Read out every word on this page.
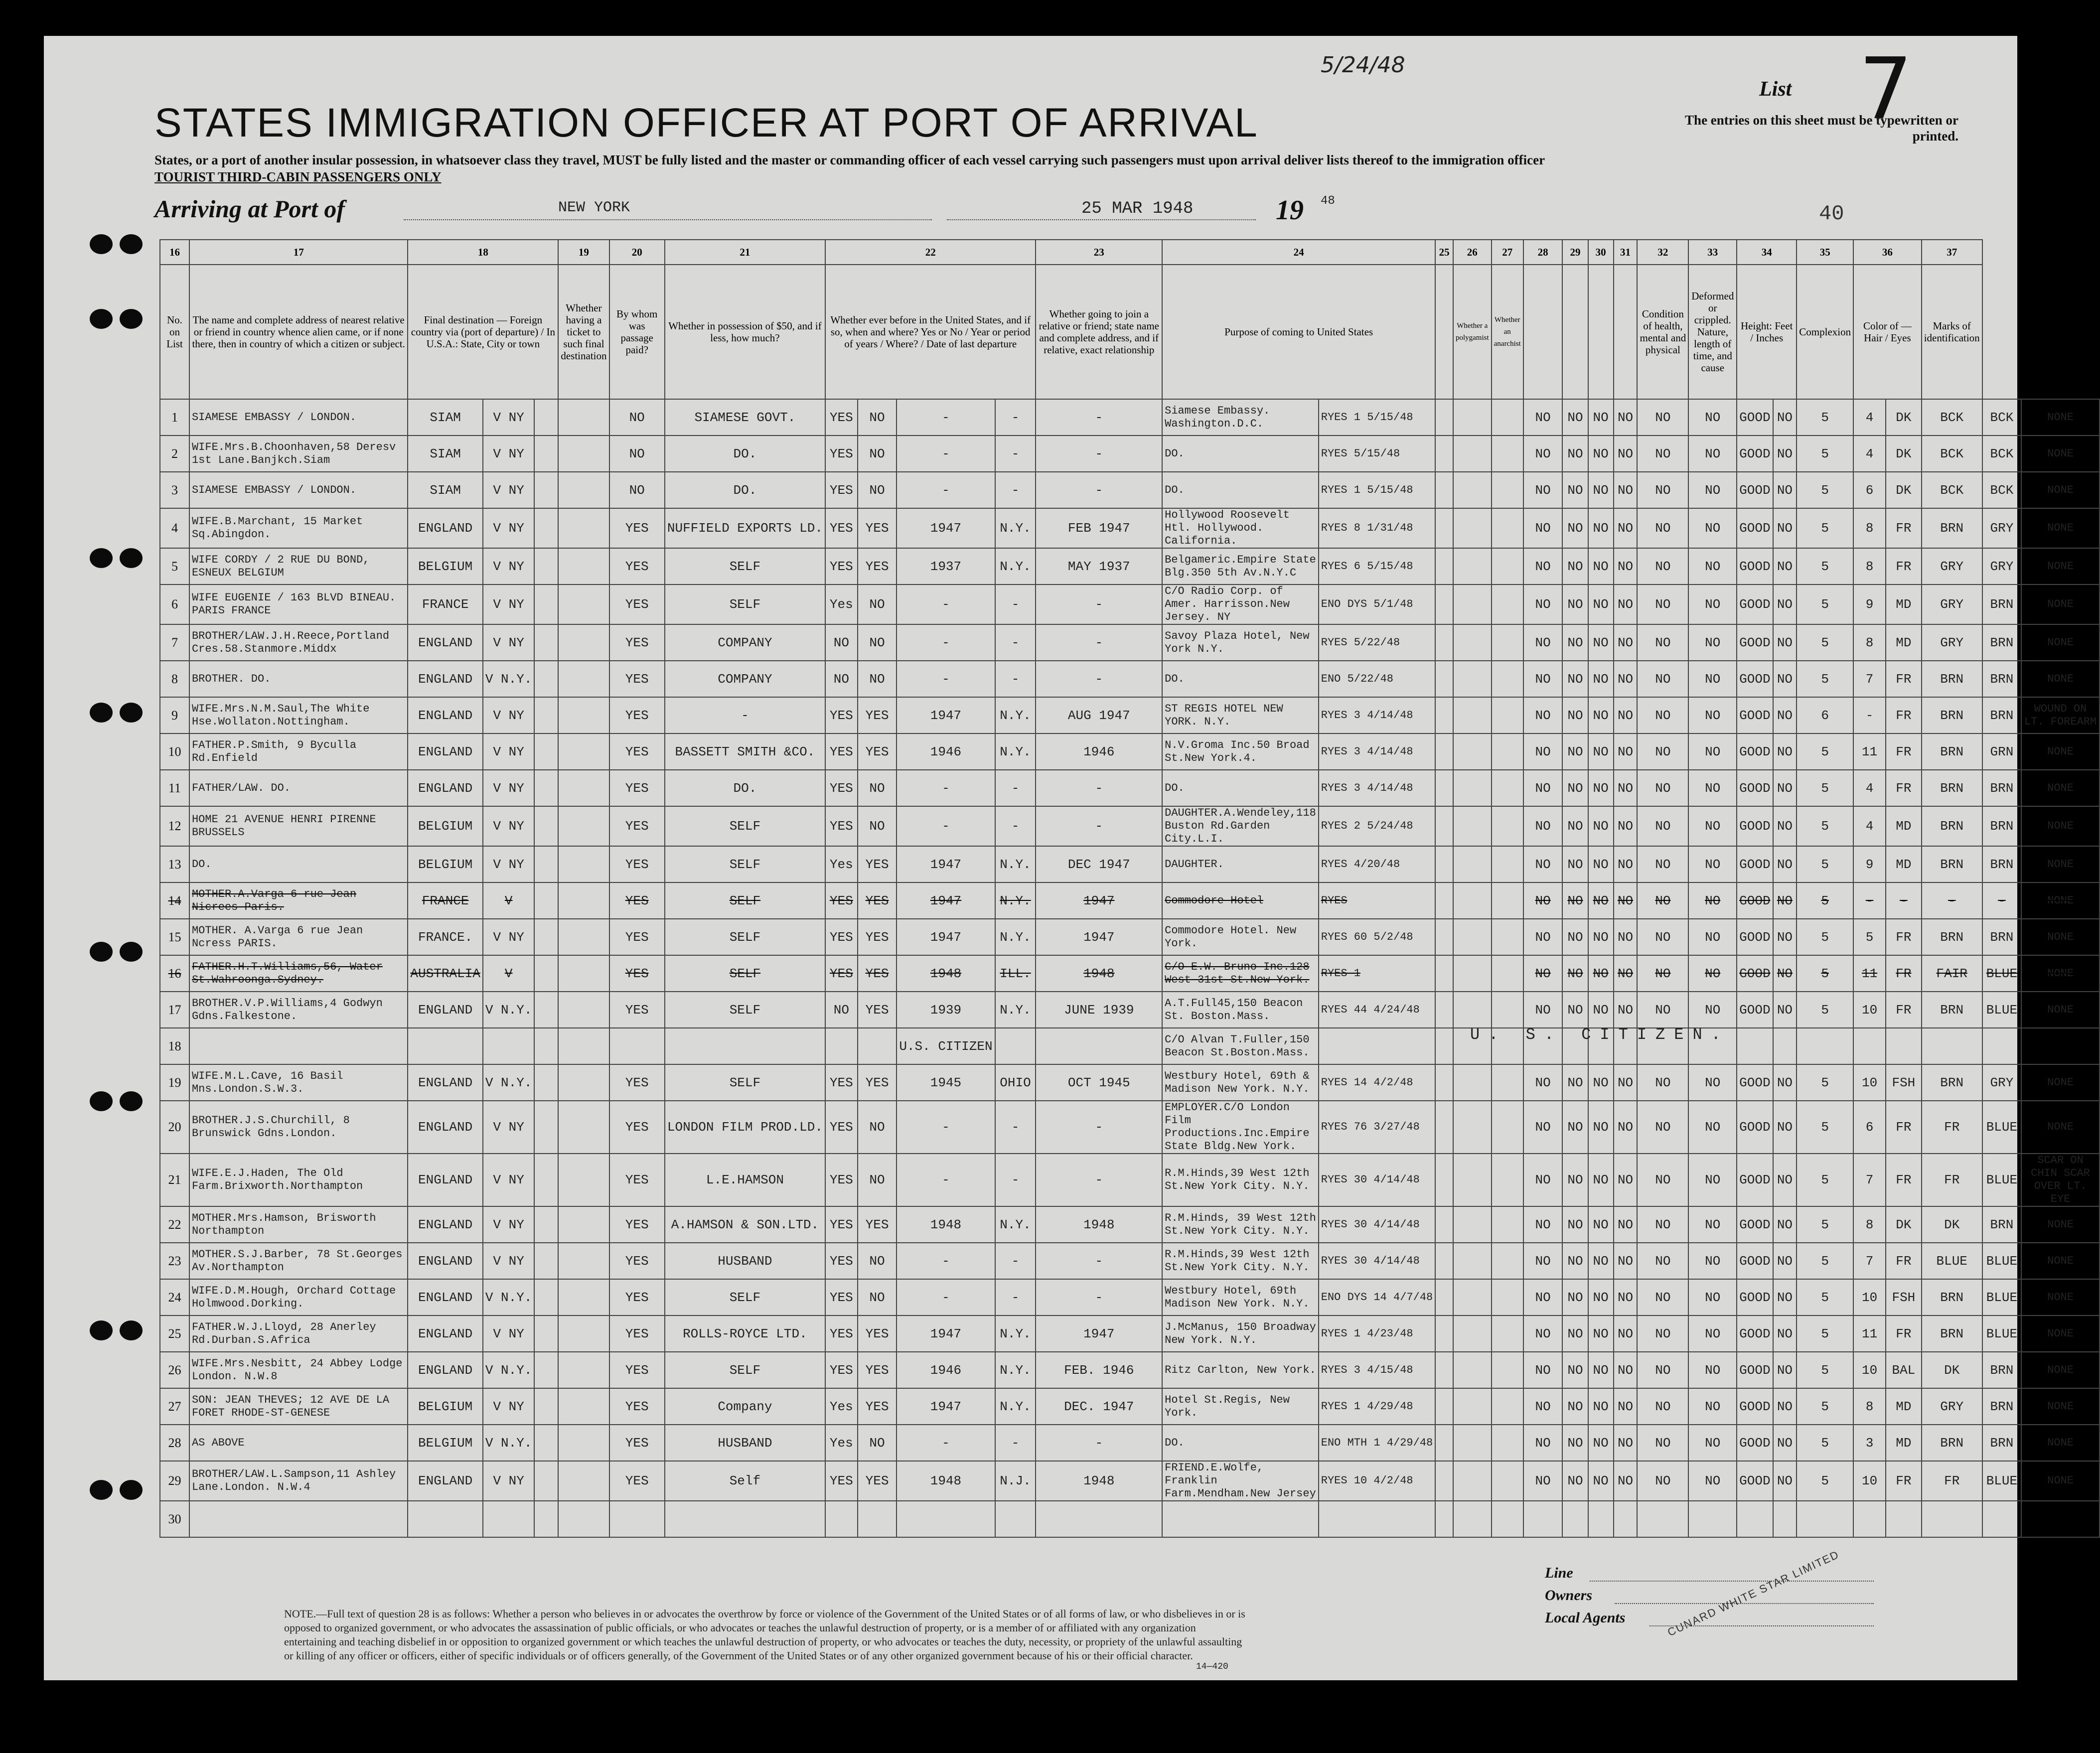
STATES IMMIGRATION OFFICER AT PORT OF ARRIVAL
States, or a port of another insular possession, in whatsoever class they travel, MUST be fully listed and the master or commanding officer of each vessel carrying such passengers must upon arrival deliver lists thereof to the immigration officer
TOURIST THIRD-CABIN PASSENGERS ONLY
5/24/48
List 7
The entries on this sheet must be typewritten or printed.
Arriving at Port of	NEW YORK	25 MAR 1948	19 48
40
16	17	18			19	20	21	22				23	24		25	26	27	28	29	30	31	32	33	34		35	36		37		
No. on List	The name and complete address of nearest relative or friend in country whence alien came, or if none there, then in country of which a citizen or subject.	Final destination — Foreign country via (port of departure) / In U.S.A.: State, City or town			Whether having a ticket to such final destination	By whom was passage paid?	Whether in possession of $50, and if less, how much?	Whether ever before in the United States, and if so, when and where? Yes or No / Year or period of years / Where? / Date of last departure				Whether going to join a relative or friend; state name and complete address, and if relative, exact relationship	Purpose of coming to United States			Whether a polygamist	Whether an anarchist					Condition of health, mental and physical	Deformed or crippled. Nature, length of time, and cause	Height: Feet / Inches		Complexion	Color of — Hair / Eyes		Marks of identification		
1	SIAMESE EMBASSY / LONDON.	SIAM	V NY			NO	SIAMESE GOVT.	YES	NO	-	-	-	Siamese Embassy. Washington.D.C.	RYES 1 5/15/48				NO	NO	NO	NO	NO	NO	GOOD	NO	5	4	DK	BCK	BCK	NONE
2	WIFE.Mrs.B.Choonhaven,58 Deresv 1st Lane.Banjkch.Siam	SIAM	V NY			NO	DO.	YES	NO	-	-	-	DO.	RYES 5/15/48				NO	NO	NO	NO	NO	NO	GOOD	NO	5	4	DK	BCK	BCK	NONE
3	SIAMESE EMBASSY / LONDON.	SIAM	V NY			NO	DO.	YES	NO	-	-	-	DO.	RYES 1 5/15/48				NO	NO	NO	NO	NO	NO	GOOD	NO	5	6	DK	BCK	BCK	NONE
4	WIFE.B.Marchant, 15 Market Sq.Abingdon.	ENGLAND	V NY			YES	NUFFIELD EXPORTS LD.	YES	YES	1947	N.Y.	FEB 1947	Hollywood Roosevelt Htl. Hollywood. California.	RYES 8 1/31/48				NO	NO	NO	NO	NO	NO	GOOD	NO	5	8	FR	BRN	GRY	NONE
5	WIFE CORDY / 2 RUE DU BOND, ESNEUX BELGIUM	BELGIUM	V NY			YES	SELF	YES	YES	1937	N.Y.	MAY 1937	Belgameric.Empire State Blg.350 5th Av.N.Y.C	RYES 6 5/15/48				NO	NO	NO	NO	NO	NO	GOOD	NO	5	8	FR	GRY	GRY	NONE
6	WIFE EUGENIE / 163 BLVD BINEAU. PARIS FRANCE	FRANCE	V NY			YES	SELF	Yes	NO	-	-	-	C/O Radio Corp. of Amer. Harrisson.New Jersey. NY	ENO DYS 5/1/48				NO	NO	NO	NO	NO	NO	GOOD	NO	5	9	MD	GRY	BRN	NONE
7	BROTHER/LAW.J.H.Reece,Portland Cres.58.Stanmore.Middx	ENGLAND	V NY			YES	COMPANY	NO	NO	-	-	-	Savoy Plaza Hotel, New York N.Y.	RYES 5/22/48				NO	NO	NO	NO	NO	NO	GOOD	NO	5	8	MD	GRY	BRN	NONE
8	BROTHER. DO.	ENGLAND	V N.Y.			YES	COMPANY	NO	NO	-	-	-	DO.	ENO 5/22/48				NO	NO	NO	NO	NO	NO	GOOD	NO	5	7	FR	BRN	BRN	NONE
9	WIFE.Mrs.N.M.Saul,The White Hse.Wollaton.Nottingham.	ENGLAND	V NY			YES	-	YES	YES	1947	N.Y.	AUG 1947	ST REGIS HOTEL NEW YORK. N.Y.	RYES 3 4/14/48				NO	NO	NO	NO	NO	NO	GOOD	NO	6	-	FR	BRN	BRN	WOUND ON LT. FOREARM
10	FATHER.P.Smith, 9 Byculla Rd.Enfield	ENGLAND	V NY			YES	BASSETT SMITH &CO.	YES	YES	1946	N.Y.	1946	N.V.Groma Inc.50 Broad St.New York.4.	RYES 3 4/14/48				NO	NO	NO	NO	NO	NO	GOOD	NO	5	11	FR	BRN	GRN	NONE
11	FATHER/LAW. DO.	ENGLAND	V NY			YES	DO.	YES	NO	-	-	-	DO.	RYES 3 4/14/48				NO	NO	NO	NO	NO	NO	GOOD	NO	5	4	FR	BRN	BRN	NONE
12	HOME 21 AVENUE HENRI PIRENNE BRUSSELS	BELGIUM	V NY			YES	SELF	YES	NO	-	-	-	DAUGHTER.A.Wendeley,118 Buston Rd.Garden City.L.I.	RYES 2 5/24/48				NO	NO	NO	NO	NO	NO	GOOD	NO	5	4	MD	BRN	BRN	NONE
13	DO.	BELGIUM	V NY			YES	SELF	Yes	YES	1947	N.Y.	DEC 1947	DAUGHTER.	RYES 4/20/48				NO	NO	NO	NO	NO	NO	GOOD	NO	5	9	MD	BRN	BRN	NONE
14	MOTHER.A.Varga 6 rue Jean Nicrees Paris.	FRANCE	V			YES	SELF	YES	YES	1947	N.Y.	1947	Commodore Hotel	RYES				NO	NO	NO	NO	NO	NO	GOOD	NO	5	-	-	-	-	NONE
15	MOTHER. A.Varga 6 rue Jean Ncress PARIS.	FRANCE.	V NY			YES	SELF	YES	YES	1947	N.Y.	1947	Commodore Hotel. New York.	RYES 60 5/2/48				NO	NO	NO	NO	NO	NO	GOOD	NO	5	5	FR	BRN	BRN	NONE
16	FATHER.H.T.Williams,56, Water St.Wahroonga.Sydney.	AUSTRALIA	V			YES	SELF	YES	YES	1948	ILL.	1948	C/O E.W. Bruno Inc.128 West 31st St.New York.	RYES 1				NO	NO	NO	NO	NO	NO	GOOD	NO	5	11	FR	FAIR	BLUE	NONE
17	BROTHER.V.P.Williams,4 Godwyn Gdns.Falkestone.	ENGLAND	V N.Y.			YES	SELF	NO	YES	1939	N.Y.	JUNE 1939	A.T.Full45,150 Beacon St. Boston.Mass.	RYES 44 4/24/48				NO	NO	NO	NO	NO	NO	GOOD	NO	5	10	FR	BRN	BLUE	NONE
18										U.S. CITIZEN			C/O Alvan T.Fuller,150 Beacon St.Boston.Mass.																		
19	WIFE.M.L.Cave, 16 Basil Mns.London.S.W.3.	ENGLAND	V N.Y.			YES	SELF	YES	YES	1945	OHIO	OCT 1945	Westbury Hotel, 69th & Madison New York. N.Y.	RYES 14 4/2/48				NO	NO	NO	NO	NO	NO	GOOD	NO	5	10	FSH	BRN	GRY	NONE
20	BROTHER.J.S.Churchill, 8 Brunswick Gdns.London.	ENGLAND	V NY			YES	LONDON FILM PROD.LD.	YES	NO	-	-	-	EMPLOYER.C/O London Film Productions.Inc.Empire State Bldg.New York.	RYES 76 3/27/48				NO	NO	NO	NO	NO	NO	GOOD	NO	5	6	FR	FR	BLUE	NONE
21	WIFE.E.J.Haden, The Old Farm.Brixworth.Northampton	ENGLAND	V NY			YES	L.E.HAMSON	YES	NO	-	-	-	R.M.Hinds,39 West 12th St.New York City. N.Y.	RYES 30 4/14/48				NO	NO	NO	NO	NO	NO	GOOD	NO	5	7	FR	FR	BLUE	SCAR ON CHIN SCAR OVER LT. EYE
22	MOTHER.Mrs.Hamson, Brisworth Northampton	ENGLAND	V NY			YES	A.HAMSON & SON.LTD.	YES	YES	1948	N.Y.	1948	R.M.Hinds, 39 West 12th St.New York City. N.Y.	RYES 30 4/14/48				NO	NO	NO	NO	NO	NO	GOOD	NO	5	8	DK	DK	BRN	NONE
23	MOTHER.S.J.Barber, 78 St.Georges Av.Northampton	ENGLAND	V NY			YES	HUSBAND	YES	NO	-	-	-	R.M.Hinds,39 West 12th St.New York City. N.Y.	RYES 30 4/14/48				NO	NO	NO	NO	NO	NO	GOOD	NO	5	7	FR	BLUE	BLUE	NONE
24	WIFE.D.M.Hough, Orchard Cottage Holmwood.Dorking.	ENGLAND	V N.Y.			YES	SELF	YES	NO	-	-	-	Westbury Hotel, 69th Madison New York. N.Y.	ENO DYS 14 4/7/48				NO	NO	NO	NO	NO	NO	GOOD	NO	5	10	FSH	BRN	BLUE	NONE
25	FATHER.W.J.Lloyd, 28 Anerley Rd.Durban.S.Africa	ENGLAND	V NY			YES	ROLLS-ROYCE LTD.	YES	YES	1947	N.Y.	1947	J.McManus, 150 Broadway New York. N.Y.	RYES 1 4/23/48				NO	NO	NO	NO	NO	NO	GOOD	NO	5	11	FR	BRN	BLUE	NONE
26	WIFE.Mrs.Nesbitt, 24 Abbey Lodge London. N.W.8	ENGLAND	V N.Y.			YES	SELF	YES	YES	1946	N.Y.	FEB. 1946	Ritz Carlton, New York.	RYES 3 4/15/48				NO	NO	NO	NO	NO	NO	GOOD	NO	5	10	BAL	DK	BRN	NONE
27	SON: JEAN THEVES; 12 AVE DE LA FORET RHODE-ST-GENESE	BELGIUM	V NY			YES	Company	Yes	YES	1947	N.Y.	DEC. 1947	Hotel St.Regis, New York.	RYES 1 4/29/48				NO	NO	NO	NO	NO	NO	GOOD	NO	5	8	MD	GRY	BRN	NONE
28	AS ABOVE	BELGIUM	V N.Y.			YES	HUSBAND	Yes	NO	-	-	-	DO.	ENO MTH 1 4/29/48				NO	NO	NO	NO	NO	NO	GOOD	NO	5	3	MD	BRN	BRN	NONE
29	BROTHER/LAW.L.Sampson,11 Ashley Lane.London. N.W.4	ENGLAND	V NY			YES	Self	YES	YES	1948	N.J.	1948	FRIEND.E.Wolfe, Franklin Farm.Mendham.New Jersey	RYES 10 4/2/48				NO	NO	NO	NO	NO	NO	GOOD	NO	5	10	FR	FR	BLUE	NONE
30																															
U. S. CITIZEN.
NOTE.—Full text of question 28 is as follows: Whether a person who believes in or advocates the overthrow by force or violence of the Government of the United States or of all forms of law, or who disbelieves in or is opposed to organized government, or who advocates the assassination of public officials, or who advocates or teaches the unlawful destruction of property, or is a member of or affiliated with any organization entertaining and teaching disbelief in or opposition to organized government or which teaches the unlawful destruction of property, or who advocates or teaches the duty, necessity, or propriety of the unlawful assaulting or killing of any officer or officers, either of specific individuals or of officers generally, of the Government of the United States or of any other organized government because of his or their official character.
14—420
Line
Owners
Local Agents	CUNARD WHITE STAR LIMITED
